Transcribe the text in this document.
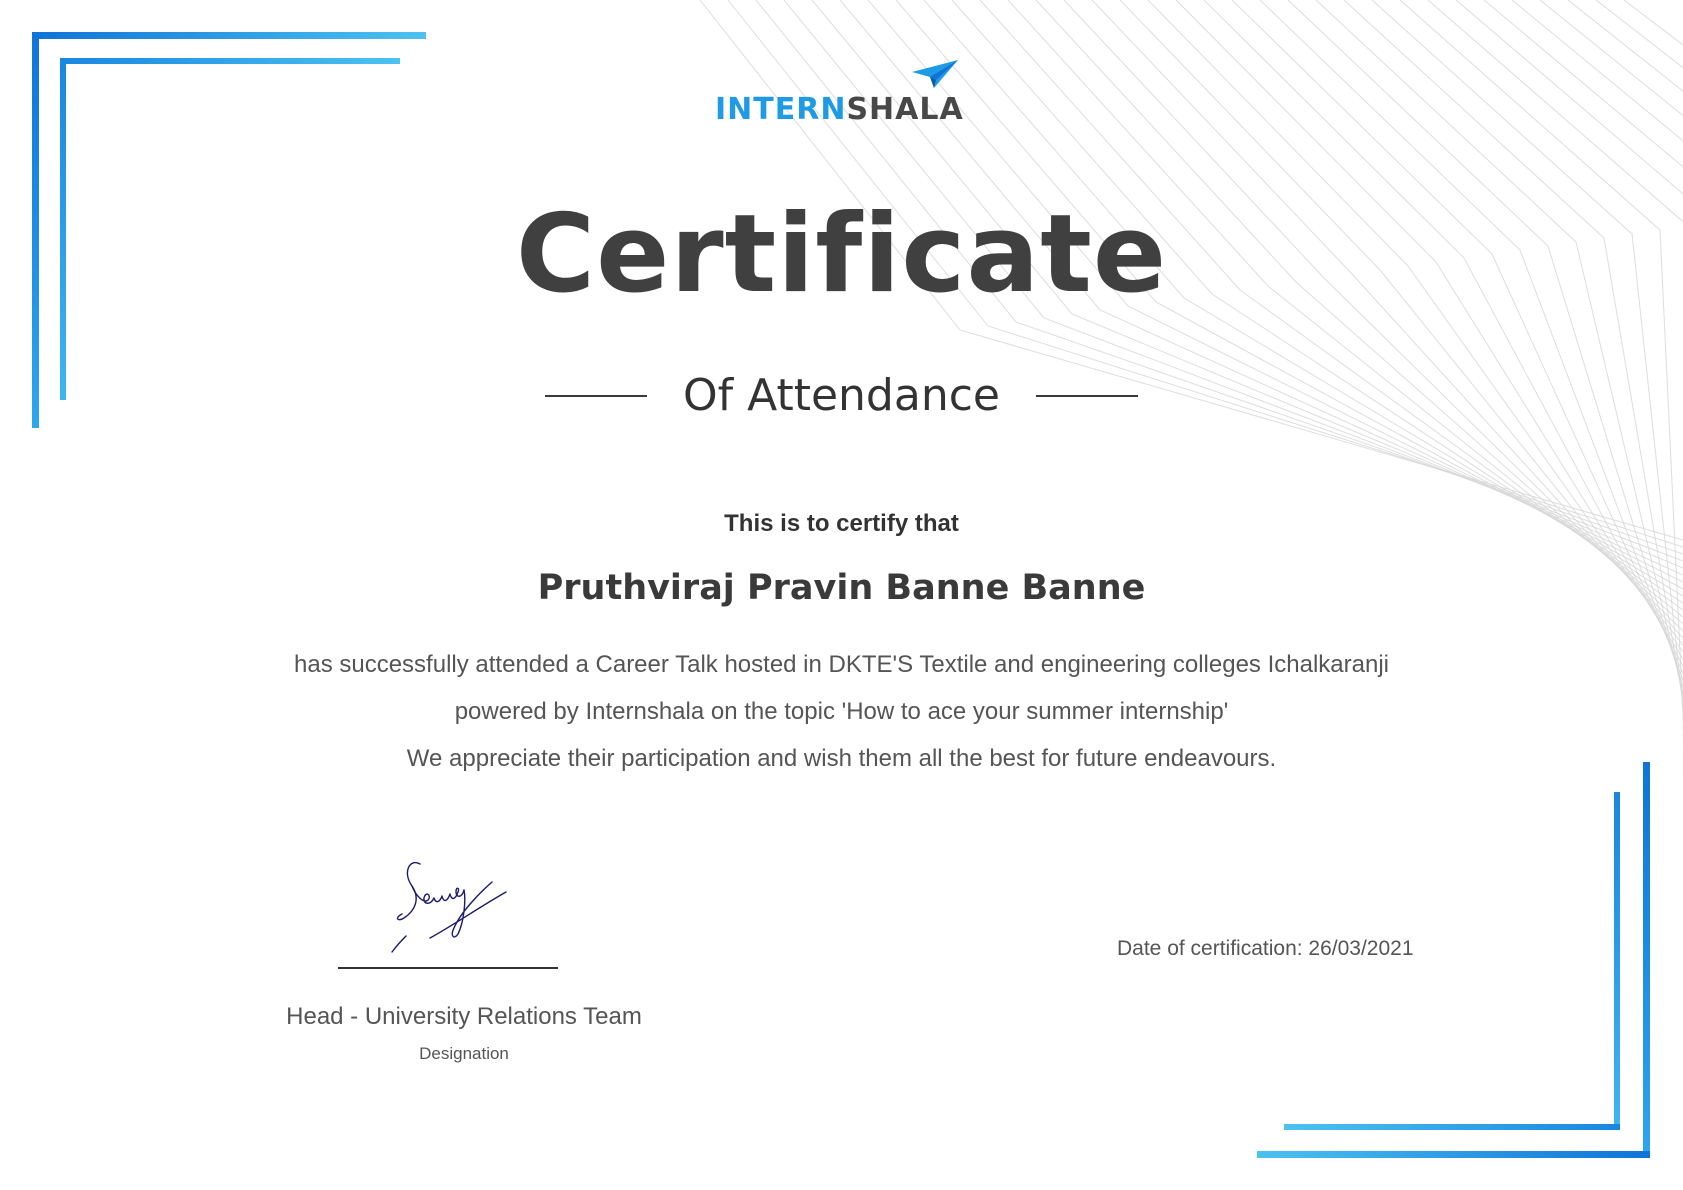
INTERNSHALA
Certificate
Of Attendance
This is to certify that
Pruthviraj Pravin Banne Banne
has successfully attended a Career Talk hosted in DKTE'S Textile and engineering colleges Ichalkaranji
powered by Internshala on the topic 'How to ace your summer internship'
We appreciate their participation and wish them all the best for future endeavours.
Head - University Relations Team
Designation
Date of certification: 26/03/2021
